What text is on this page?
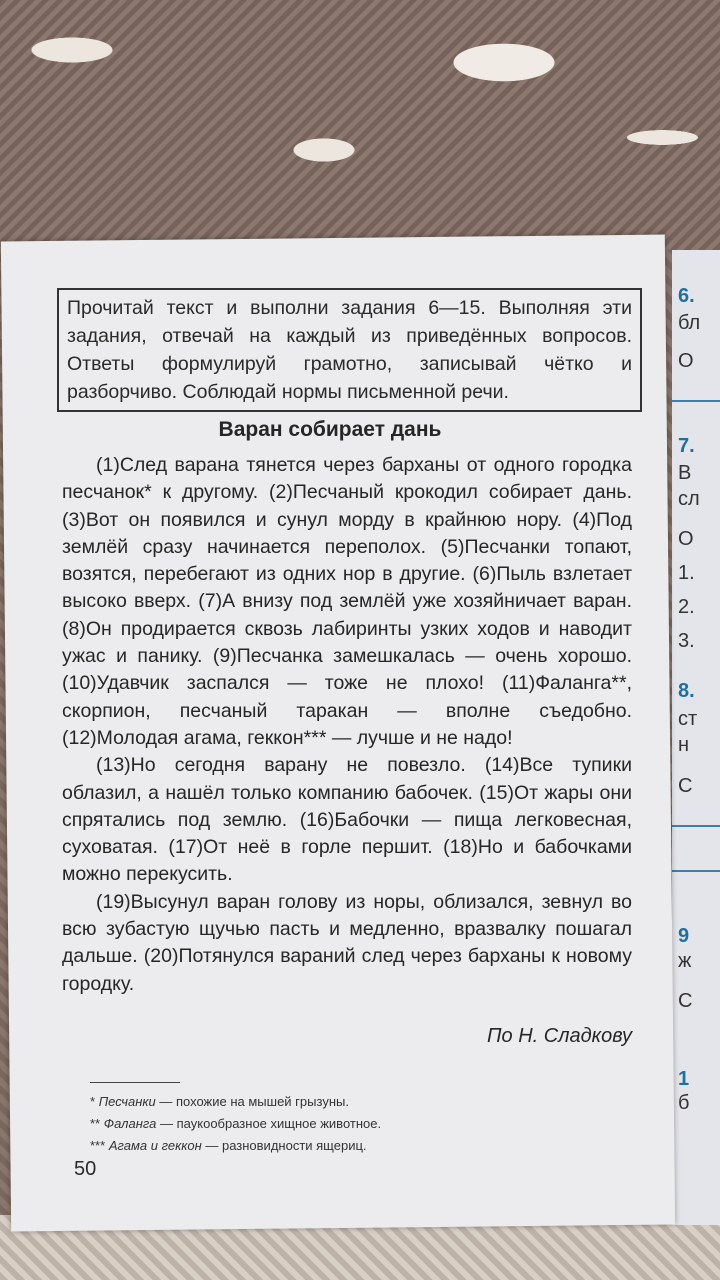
6.
бл
О
7.
В
сл
О
1.
2.
3.
8.
ст
н
С
9
ж
С
1
б
Прочитай текст и выполни задания 6—15. Выполняя эти задания, отвечай на каждый из приведённых вопросов. Ответы формулируй грамотно, записывай чётко и разборчиво. Соблюдай нормы письменной речи.
Варан собирает дань

(1)След варана тянется через барханы от одного городка песчанок* к другому. (2)Песчаный крокодил собирает дань. (3)Вот он появился и сунул морду в крайнюю нору. (4)Под землёй сразу начинается переполох. (5)Песчанки топают, возятся, перебегают из одних нор в другие. (6)Пыль взлетает высоко вверх. (7)А внизу под землёй уже хозяйничает варан. (8)Он продирается сквозь лабиринты узких ходов и наводит ужас и панику. (9)Песчанка замешкалась — очень хорошо. (10)Удавчик заспался — тоже не плохо! (11)Фаланга**, скорпион, песчаный таракан — вполне съедобно. (12)Молодая агама, геккон*** — лучше и не надо!

(13)Но сегодня варану не повезло. (14)Все тупики облазил, а нашёл только компанию бабочек. (15)От жары они спрятались под землю. (16)Бабочки — пища легковесная, суховатая. (17)От неё в горле першит. (18)Но и бабочками можно перекусить.

(19)Высунул варан голову из норы, облизался, зевнул во всю зубастую щучью пасть и медленно, вразвалку пошагал дальше. (20)Потянулся вараний след через барханы к новому городку.

По Н. Сладкову
* Песчанки — похожие на мышей грызуны.
** Фаланга — паукообразное хищное животное.
*** Агама и геккон — разновидности ящериц.
50
